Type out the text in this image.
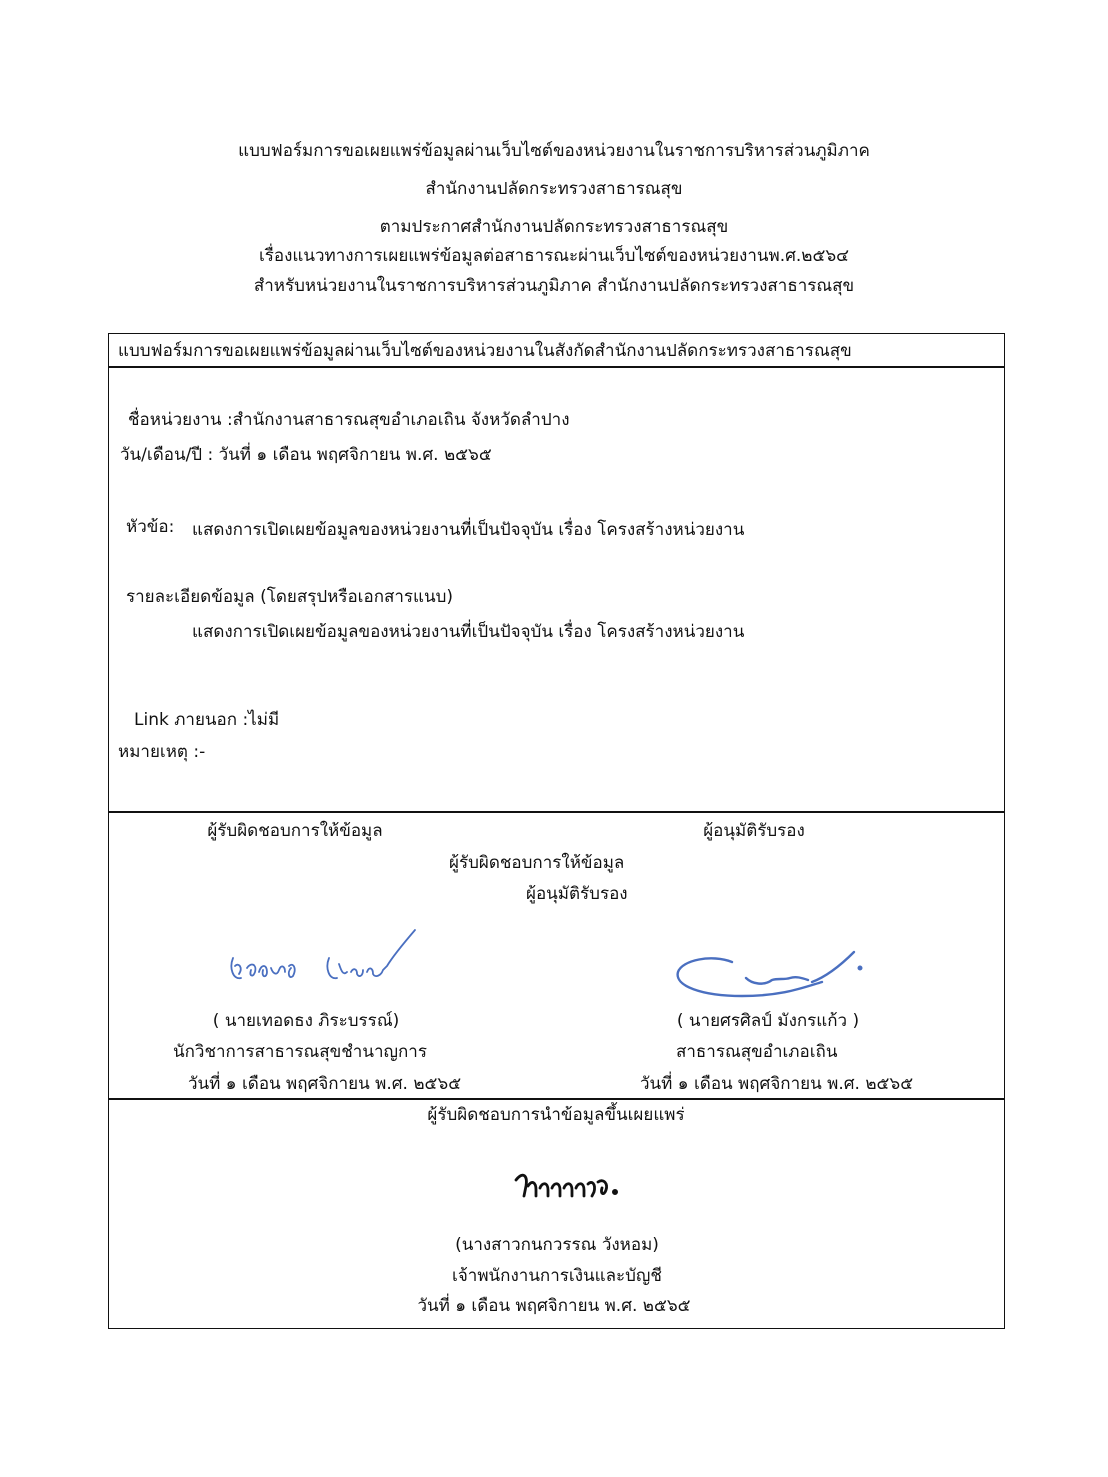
แบบฟอร์มการขอเผยแพร่ข้อมูลผ่านเว็บไซต์ของหน่วยงานในราชการบริหารส่วนภูมิภาค
สำนักงานปลัดกระทรวงสาธารณสุข
ตามประกาศสำนักงานปลัดกระทรวงสาธารณสุข
เรื่องแนวทางการเผยแพร่ข้อมูลต่อสาธารณะผ่านเว็บไซต์ของหน่วยงานพ.ศ.๒๕๖๔
สำหรับหน่วยงานในราชการบริหารส่วนภูมิภาค สำนักงานปลัดกระทรวงสาธารณสุข
แบบฟอร์มการขอเผยแพร่ข้อมูลผ่านเว็บไซต์ของหน่วยงานในสังกัดสำนักงานปลัดกระทรวงสาธารณสุข
ชื่อหน่วยงาน :สำนักงานสาธารณสุขอำเภอเถิน จังหวัดลำปาง
วัน/เดือน/ปี : วันที่ ๑ เดือน พฤศจิกายน พ.ศ. ๒๕๖๕
หัวข้อ: แสดงการเปิดเผยข้อมูลของหน่วยงานที่เป็นปัจจุบัน เรื่อง โครงสร้างหน่วยงาน
รายละเอียดข้อมูล (โดยสรุปหรือเอกสารแนบ)
แสดงการเปิดเผยข้อมูลของหน่วยงานที่เป็นปัจจุบัน เรื่อง โครงสร้างหน่วยงาน
Link ภายนอก :ไม่มี
หมายเหตุ :-
ผู้รับผิดชอบการให้ข้อมูล	ผู้อนุมัติรับรอง
ผู้รับผิดชอบการให้ข้อมูล
ผู้อนุมัติรับรอง
( นายเทอดธง ภิระบรรณ์)
นักวิชาการสาธารณสุขชำนาญการ
วันที่ ๑ เดือน พฤศจิกายน พ.ศ. ๒๕๖๕
( นายศรศิลป์ มังกรแก้ว )
สาธารณสุขอำเภอเถิน
วันที่ ๑ เดือน พฤศจิกายน พ.ศ. ๒๕๖๕
ผู้รับผิดชอบการนำข้อมูลขึ้นเผยแพร่
(นางสาวกนกวรรณ วังหอม)
เจ้าพนักงานการเงินและบัญชี
วันที่ ๑ เดือน พฤศจิกายน พ.ศ. ๒๕๖๕
